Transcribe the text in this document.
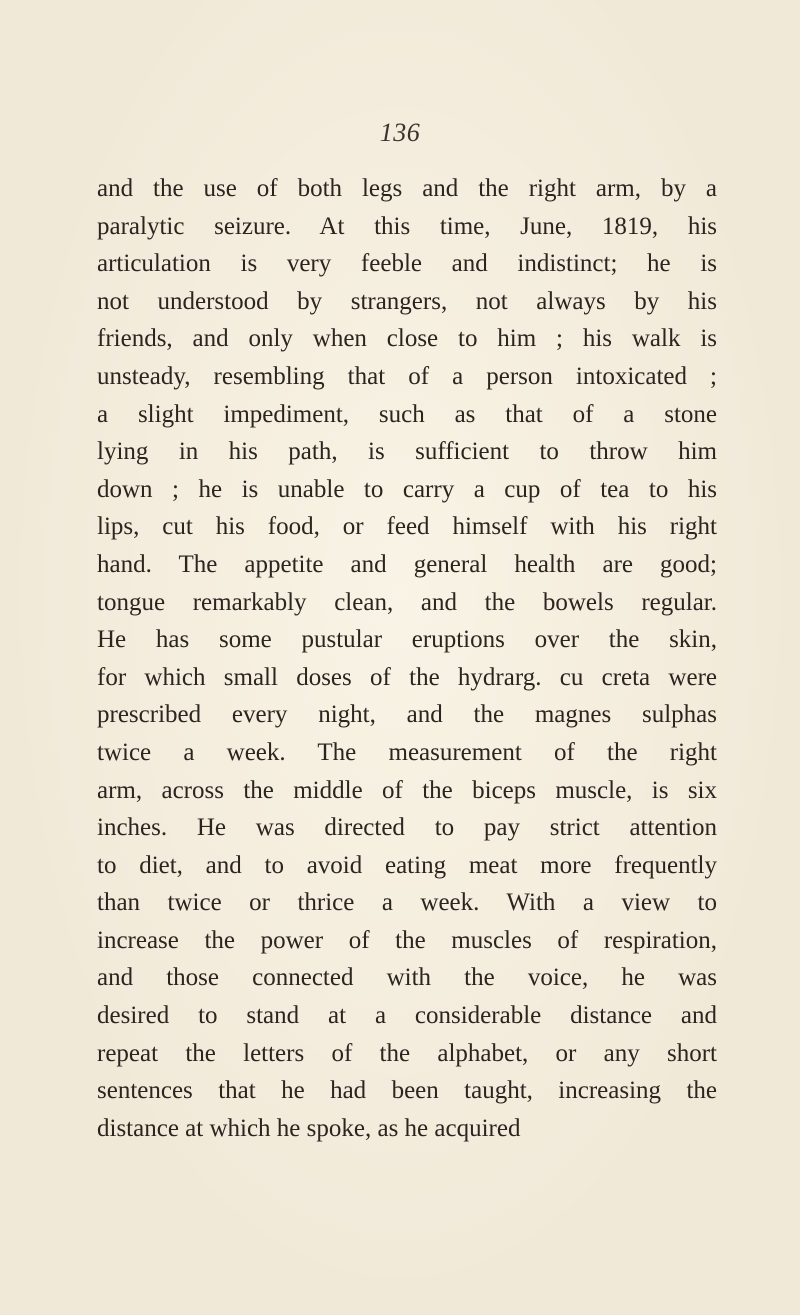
136
and the use of both legs and the right arm, by a
paralytic seizure. At this time, June, 1819, his
articulation is very feeble and indistinct; he is
not understood by strangers, not always by his
friends, and only when close to him ; his walk is
unsteady, resembling that of a person intoxicated ;
a slight impediment, such as that of a stone
lying in his path, is sufficient to throw him
down ; he is unable to carry a cup of tea to his
lips, cut his food, or feed himself with his right
hand. The appetite and general health are good;
tongue remarkably clean, and the bowels regular.
He has some pustular eruptions over the skin,
for which small doses of the hydrarg. cu creta were
prescribed every night, and the magnes sulphas
twice a week. The measurement of the right
arm, across the middle of the biceps muscle, is six
inches. He was directed to pay strict attention
to diet, and to avoid eating meat more frequently
than twice or thrice a week. With a view to
increase the power of the muscles of respiration,
and those connected with the voice, he was
desired to stand at a considerable distance and
repeat the letters of the alphabet, or any short
sentences that he had been taught, increasing the
distance at which he spoke, as he acquired
